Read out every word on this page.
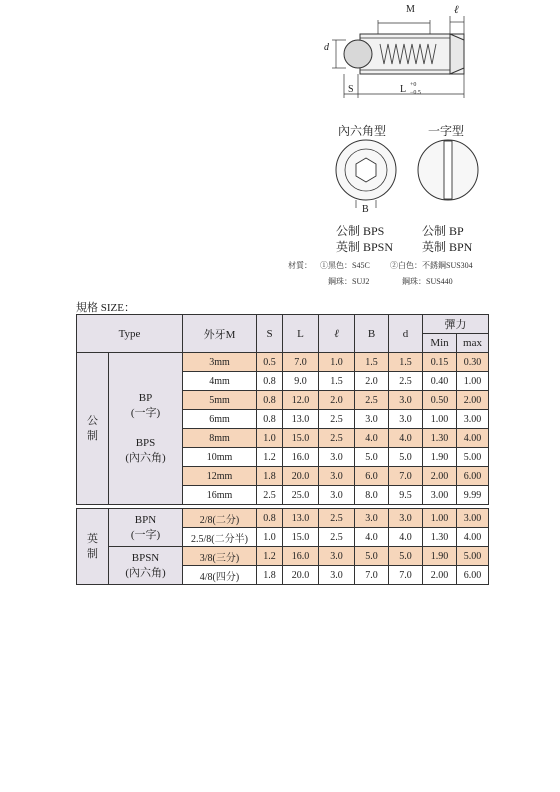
M	ℓ
d
S	L +0
−0.5
內六角型	一字型
B
公制 BPS
英制 BPSN
公制 BP
英制 BPN
材質： ①黑色：S45C	②白色：不銹鋼SUS304
鋼珠：SUJ2	鋼珠：SUS440
規格 SIZE：
Type		外牙M	S	L	ℓ	B	d	彈力	
								Min	max
公
制	BP
(一字)

BPS
(內六角)	3mm	0.5	7.0	1.0	1.5	1.5	0.15	0.30
		4mm	0.8	9.0	1.5	2.0	2.5	0.40	1.00
		5mm	0.8	12.0	2.0	2.5	3.0	0.50	2.00
		6mm	0.8	13.0	2.5	3.0	3.0	1.00	3.00
		8mm	1.0	15.0	2.5	4.0	4.0	1.30	4.00
		10mm	1.2	16.0	3.0	5.0	5.0	1.90	5.00
		12mm	1.8	20.0	3.0	6.0	7.0	2.00	6.00
		16mm	2.5	25.0	3.0	8.0	9.5	3.00	9.99
英
制	BPN
(一字)	2/8(二分)	0.8	13.0	2.5	3.0	3.0	1.00	3.00
		2.5/8(二分半)	1.0	15.0	2.5	4.0	4.0	1.30	4.00
	BPSN
(內六角)	3/8(三分)	1.2	16.0	3.0	5.0	5.0	1.90	5.00
		4/8(四分)	1.8	20.0	3.0	7.0	7.0	2.00	6.00
